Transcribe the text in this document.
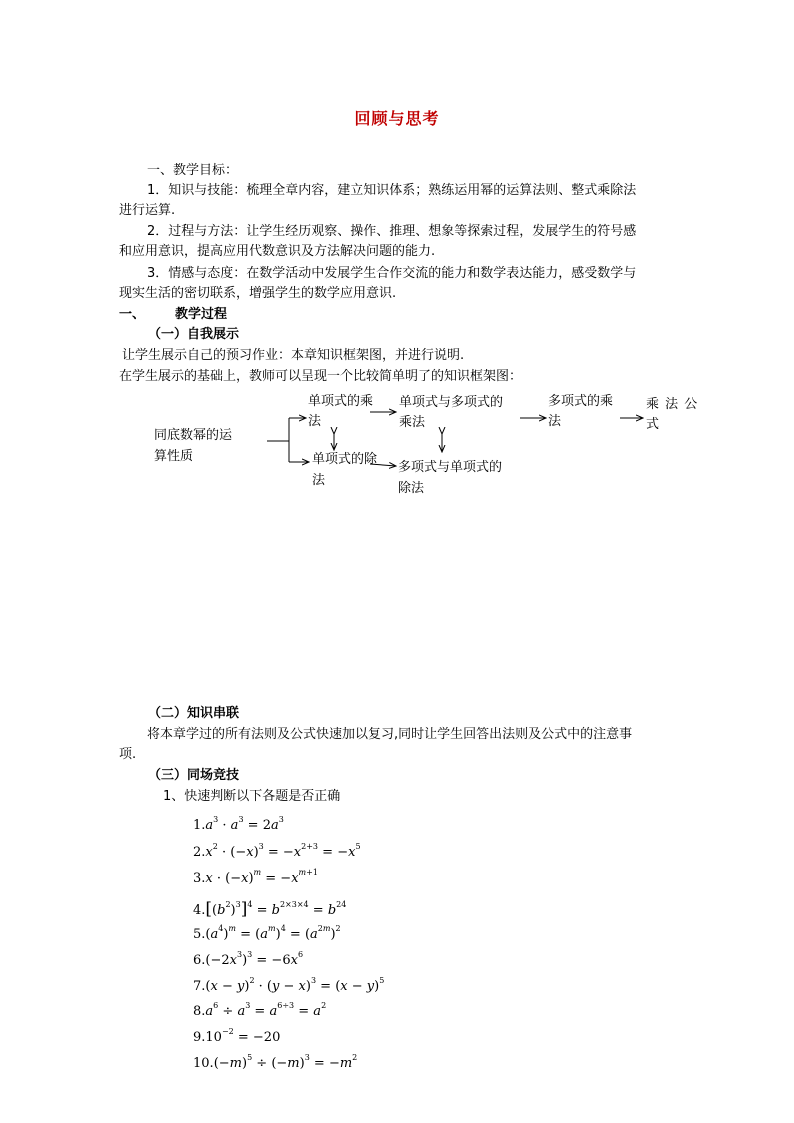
回顾与思考
一、教学目标：
1．知识与技能：梳理全章内容，建立知识体系；熟练运用幂的运算法则、整式乘除法
进行运算.
2．过程与方法：让学生经历观察、操作、推理、想象等探索过程，发展学生的符号感
和应用意识，提高应用代数意识及方法解决问题的能力.
3．情感与态度：在数学活动中发展学生合作交流的能力和数学表达能力，感受数学与
现实生活的密切联系，增强学生的数学应用意识.
一、 教学过程
（一）自我展示
让学生展示自己的预习作业：本章知识框架图，并进行说明.
在学生展示的基础上，教师可以呈现一个比较简单明了的知识框架图：
同底数幂的运
算性质
单项式的乘
法
单项式的除
法
单项式与多项式的
乘法
多项式与单项式的
除法
多项式的乘
法
乘 法 公
式
（二）知识串联
将本章学过的所有法则及公式快速加以复习,同时让学生回答出法则及公式中的注意事
项.
（三）同场竞技
1、快速判断以下各题是否正确
$1.a^3 \cdot a^3 = 2a^3$
$2.x^2 \cdot (-x)^3 = -x^{2+3} = -x^5$
$3.x \cdot (-x)^m = -x^{m+1}$
$4.[(b^2)^3]^4 = b^{2\times 3\times 4} = b^{24}$
$5.(a^4)^m = (a^m)^4 = (a^{2m})^2$
$6.(-2x^3)^3 = -6x^6$
$7.(x - y)^2 \cdot (y - x)^3 = (x - y)^5$
$8.a^6 \div a^3 = a^{6\div 3} = a^2$
$9.10^{-2} = -20$
$10.(-m)^5 \div (-m)^3 = -m^2$
